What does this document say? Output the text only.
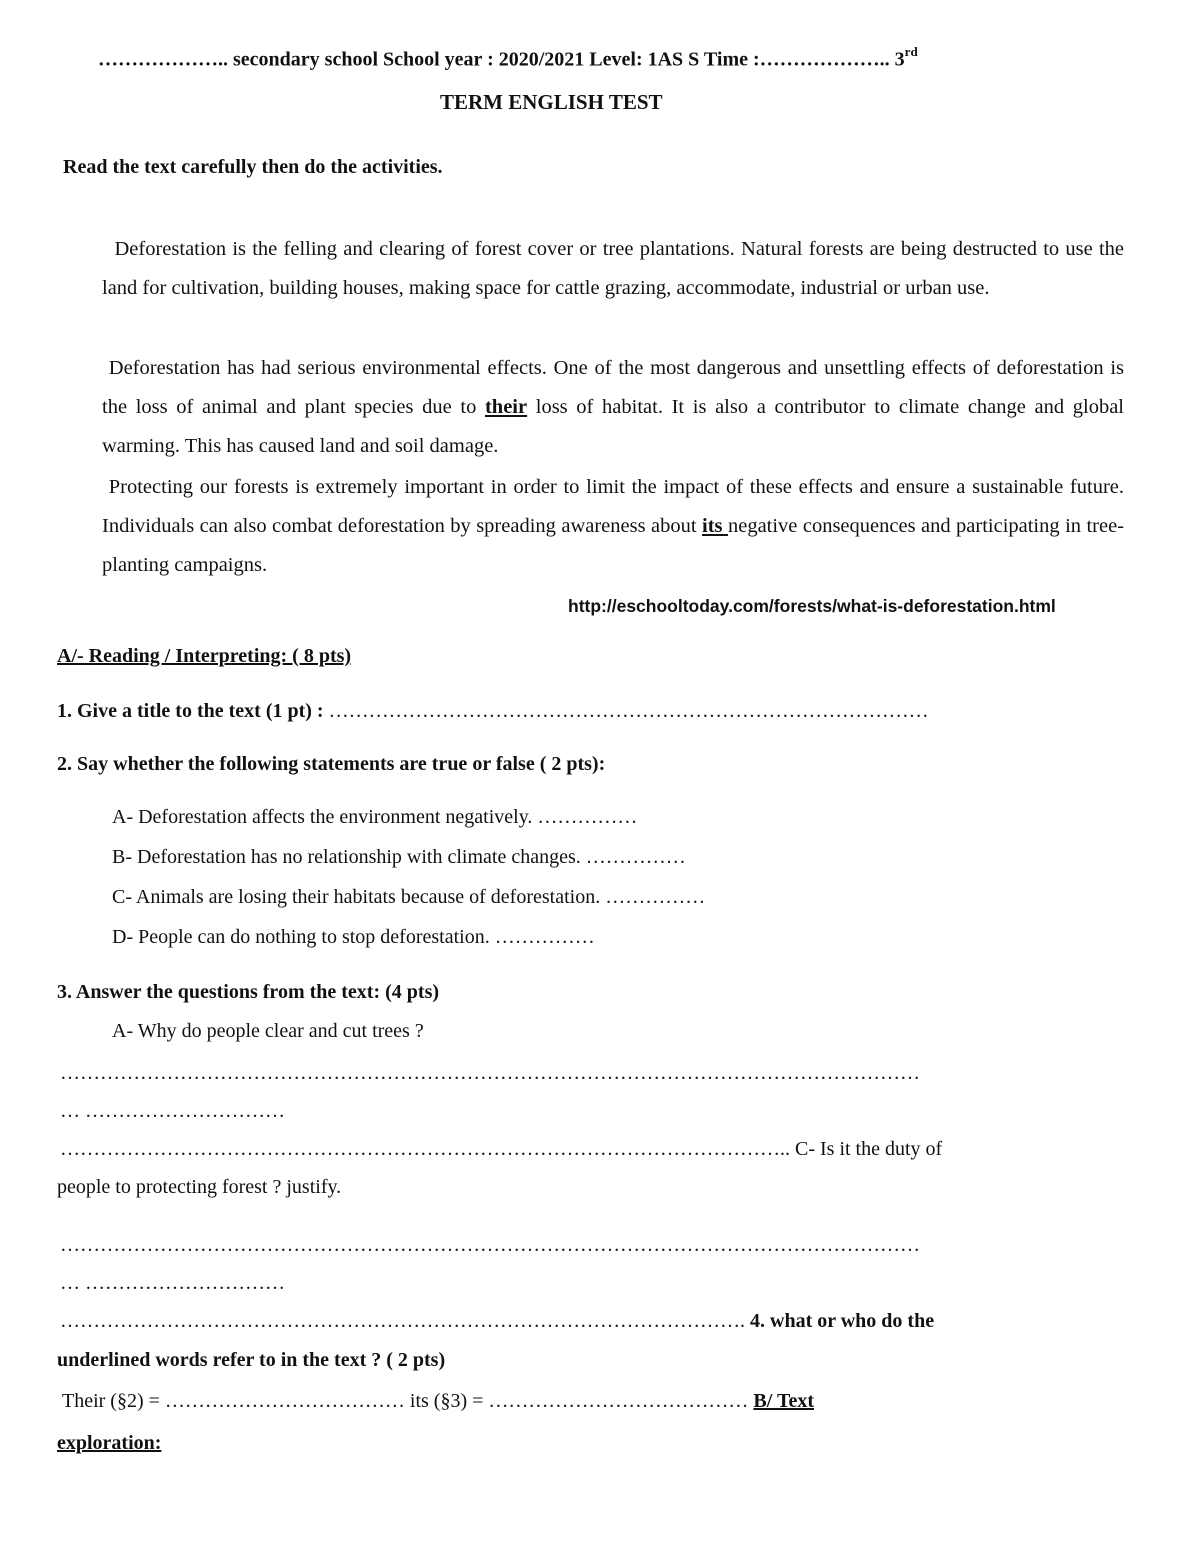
……………….. secondary school School year : 2020/2021 Level: 1AS S Time :……………….. 3rd
TERM ENGLISH TEST
Read the text carefully then do the activities.
Deforestation is the felling and clearing of forest cover or tree plantations. Natural forests are being destructed to use the land for cultivation, building houses, making space for cattle grazing, accommodate, industrial or urban use.
Deforestation has had serious environmental effects. One of the most dangerous and unsettling effects of deforestation is the loss of animal and plant species due to their loss of habitat. It is also a contributor to climate change and global warming. This has caused land and soil damage.
Protecting our forests is extremely important in order to limit the impact of these effects and ensure a sustainable future. Individuals can also combat deforestation by spreading awareness about its negative consequences and participating in tree-planting campaigns.
http://eschooltoday.com/forests/what-is-deforestation.html
A/- Reading / Interpreting: ( 8 pts)
1. Give a title to the text (1 pt) : ………………………………………………………………………………
2. Say whether the following statements are true or false ( 2 pts):
A- Deforestation affects the environment negatively. ……………
B- Deforestation has no relationship with climate changes. ……………
C- Animals are losing their habitats because of deforestation. ……………
D- People can do nothing to stop deforestation. ……………
3. Answer the questions from the text: (4 pts)
A- Why do people clear and cut trees ?
…………………………………………………………………………………………………………………
… …………………………
……………………………………………………………………………………………….. C- Is it the duty of
people to protecting forest ? justify.
…………………………………………………………………………………………………………………
… …………………………
…………………………………………………………………………………………. 4. what or who do the
underlined words refer to in the text ? ( 2 pts)
Their (§2) = ……………………………… its (§3) = ………………………………… B/ Text
exploration:
